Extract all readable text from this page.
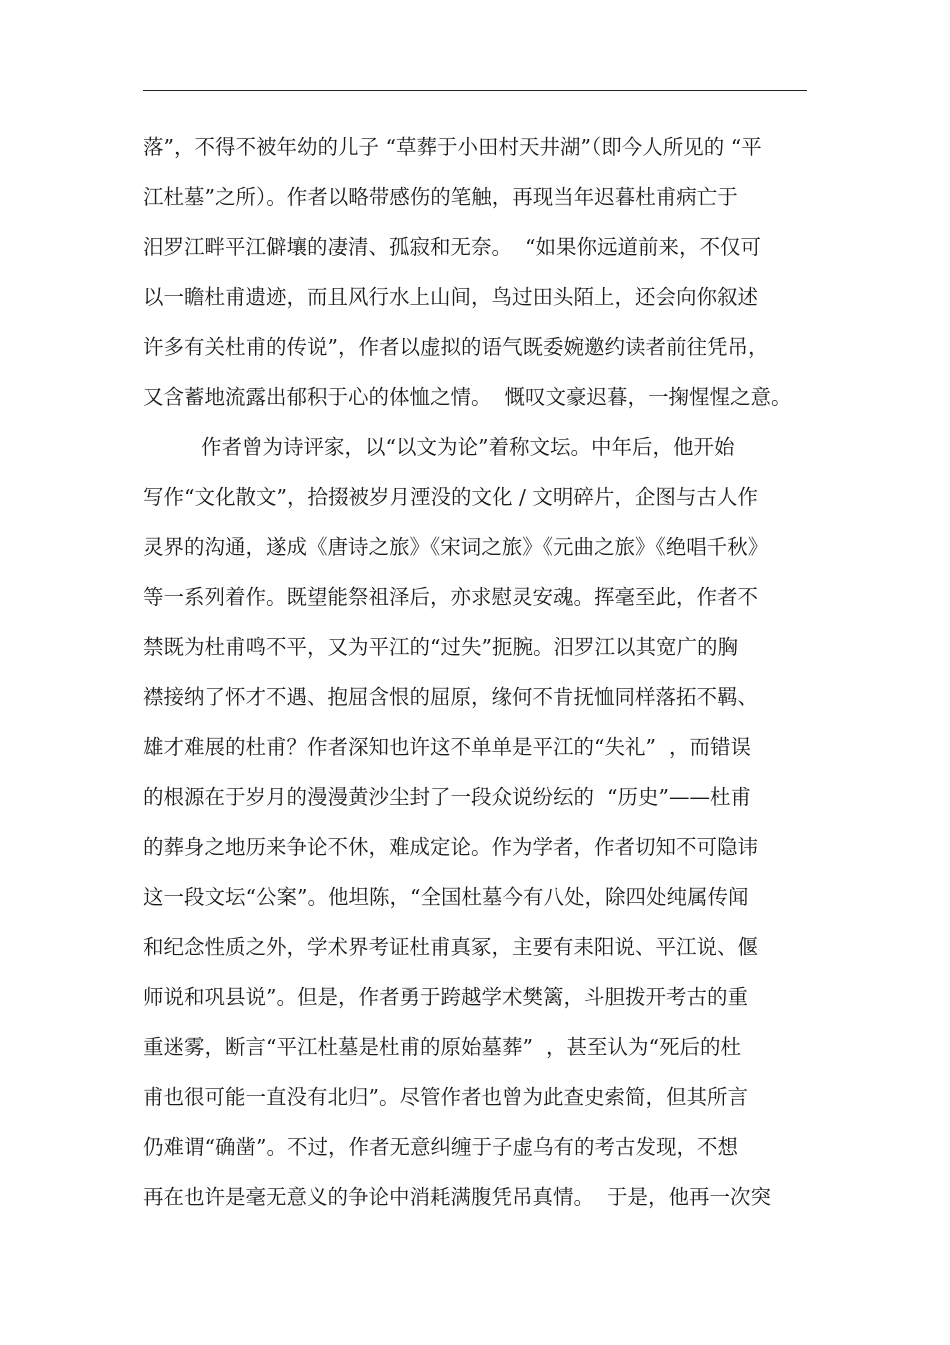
落”，不得不被年幼的儿子 “草葬于小田村天井湖”（即今人所见的 “平
江杜墓”之所）。作者以略带感伤的笔触，再现当年迟暮杜甫病亡于
汨罗江畔平江僻壤的凄清、孤寂和无奈。  “如果你远道前来，不仅可
以一瞻杜甫遗迹，而且风行水上山间，鸟过田头陌上，还会向你叙述
许多有关杜甫的传说”，作者以虚拟的语气既委婉邀约读者前往凭吊，
又含蓄地流露出郁积于心的体恤之情。  慨叹文豪迟暮，一掬惺惺之意。
作者曾为诗评家，以“以文为论”着称文坛。中年后，他开始
写作“文化散文”，拾掇被岁月湮没的文化 / 文明碎片，企图与古人作
灵界的沟通，遂成《唐诗之旅》《宋词之旅》《元曲之旅》《绝唱千秋》
等一系列着作。既望能祭祖泽后，亦求慰灵安魂。挥毫至此，作者不
禁既为杜甫鸣不平，又为平江的“过失”扼腕。汨罗江以其宽广的胸
襟接纳了怀才不遇、抱屈含恨的屈原，缘何不肯抚恤同样落拓不羁、
雄才难展的杜甫？作者深知也许这不单单是平江的“失礼”  ，而错误
的根源在于岁月的漫漫黄沙尘封了一段众说纷纭的  “历史”——杜甫
的葬身之地历来争论不休，难成定论。作为学者，作者切知不可隐讳
这一段文坛“公案”。他坦陈，“全国杜墓今有八处，除四处纯属传闻
和纪念性质之外，学术界考证杜甫真冢，主要有耒阳说、平江说、偃
师说和巩县说”。但是，作者勇于跨越学术樊篱，斗胆拨开考古的重
重迷雾，断言“平江杜墓是杜甫的原始墓葬”  ，甚至认为“死后的杜
甫也很可能一直没有北归”。尽管作者也曾为此查史索简，但其所言
仍难谓“确凿”。不过，作者无意纠缠于子虚乌有的考古发现，不想
再在也许是毫无意义的争论中消耗满腹凭吊真情。  于是，他再一次突
